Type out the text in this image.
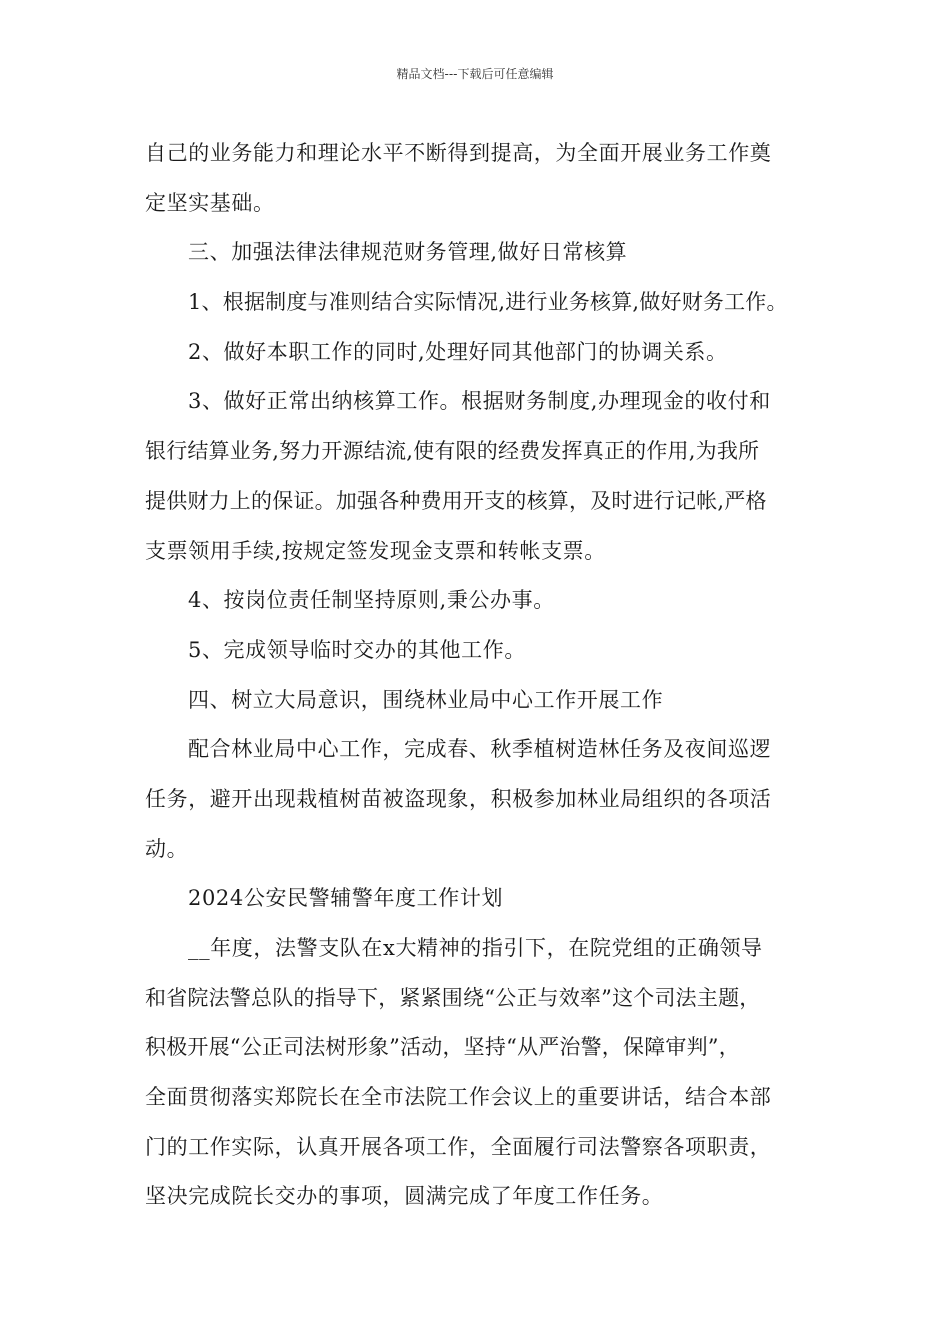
精品文档---下载后可任意编辑
自己的业务能力和理论水平不断得到提高，为全面开展业务工作奠
定坚实基础。
三、加强法律法律规范财务管理,做好日常核算
1、根据制度与准则结合实际情况,进行业务核算,做好财务工作。
2、做好本职工作的同时,处理好同其他部门的协调关系。
3、做好正常出纳核算工作。根据财务制度,办理现金的收付和
银行结算业务,努力开源结流,使有限的经费发挥真正的作用,为我所
提供财力上的保证。加强各种费用开支的核算，及时进行记帐,严格
支票领用手续,按规定签发现金支票和转帐支票。
4、按岗位责任制坚持原则,秉公办事。
5、完成领导临时交办的其他工作。
四、树立大局意识，围绕林业局中心工作开展工作
配合林业局中心工作，完成春、秋季植树造林任务及夜间巡逻
任务，避开出现栽植树苗被盗现象，积极参加林业局组织的各项活
动。
2024公安民警辅警年度工作计划
__年度，法警支队在x大精神的指引下，在院党组的正确领导
和省院法警总队的指导下，紧紧围绕“公正与效率”这个司法主题，
积极开展“公正司法树形象”活动，坚持“从严治警，保障审判”，
全面贯彻落实郑院长在全市法院工作会议上的重要讲话，结合本部
门的工作实际，认真开展各项工作，全面履行司法警察各项职责，
坚决完成院长交办的事项，圆满完成了年度工作任务。
